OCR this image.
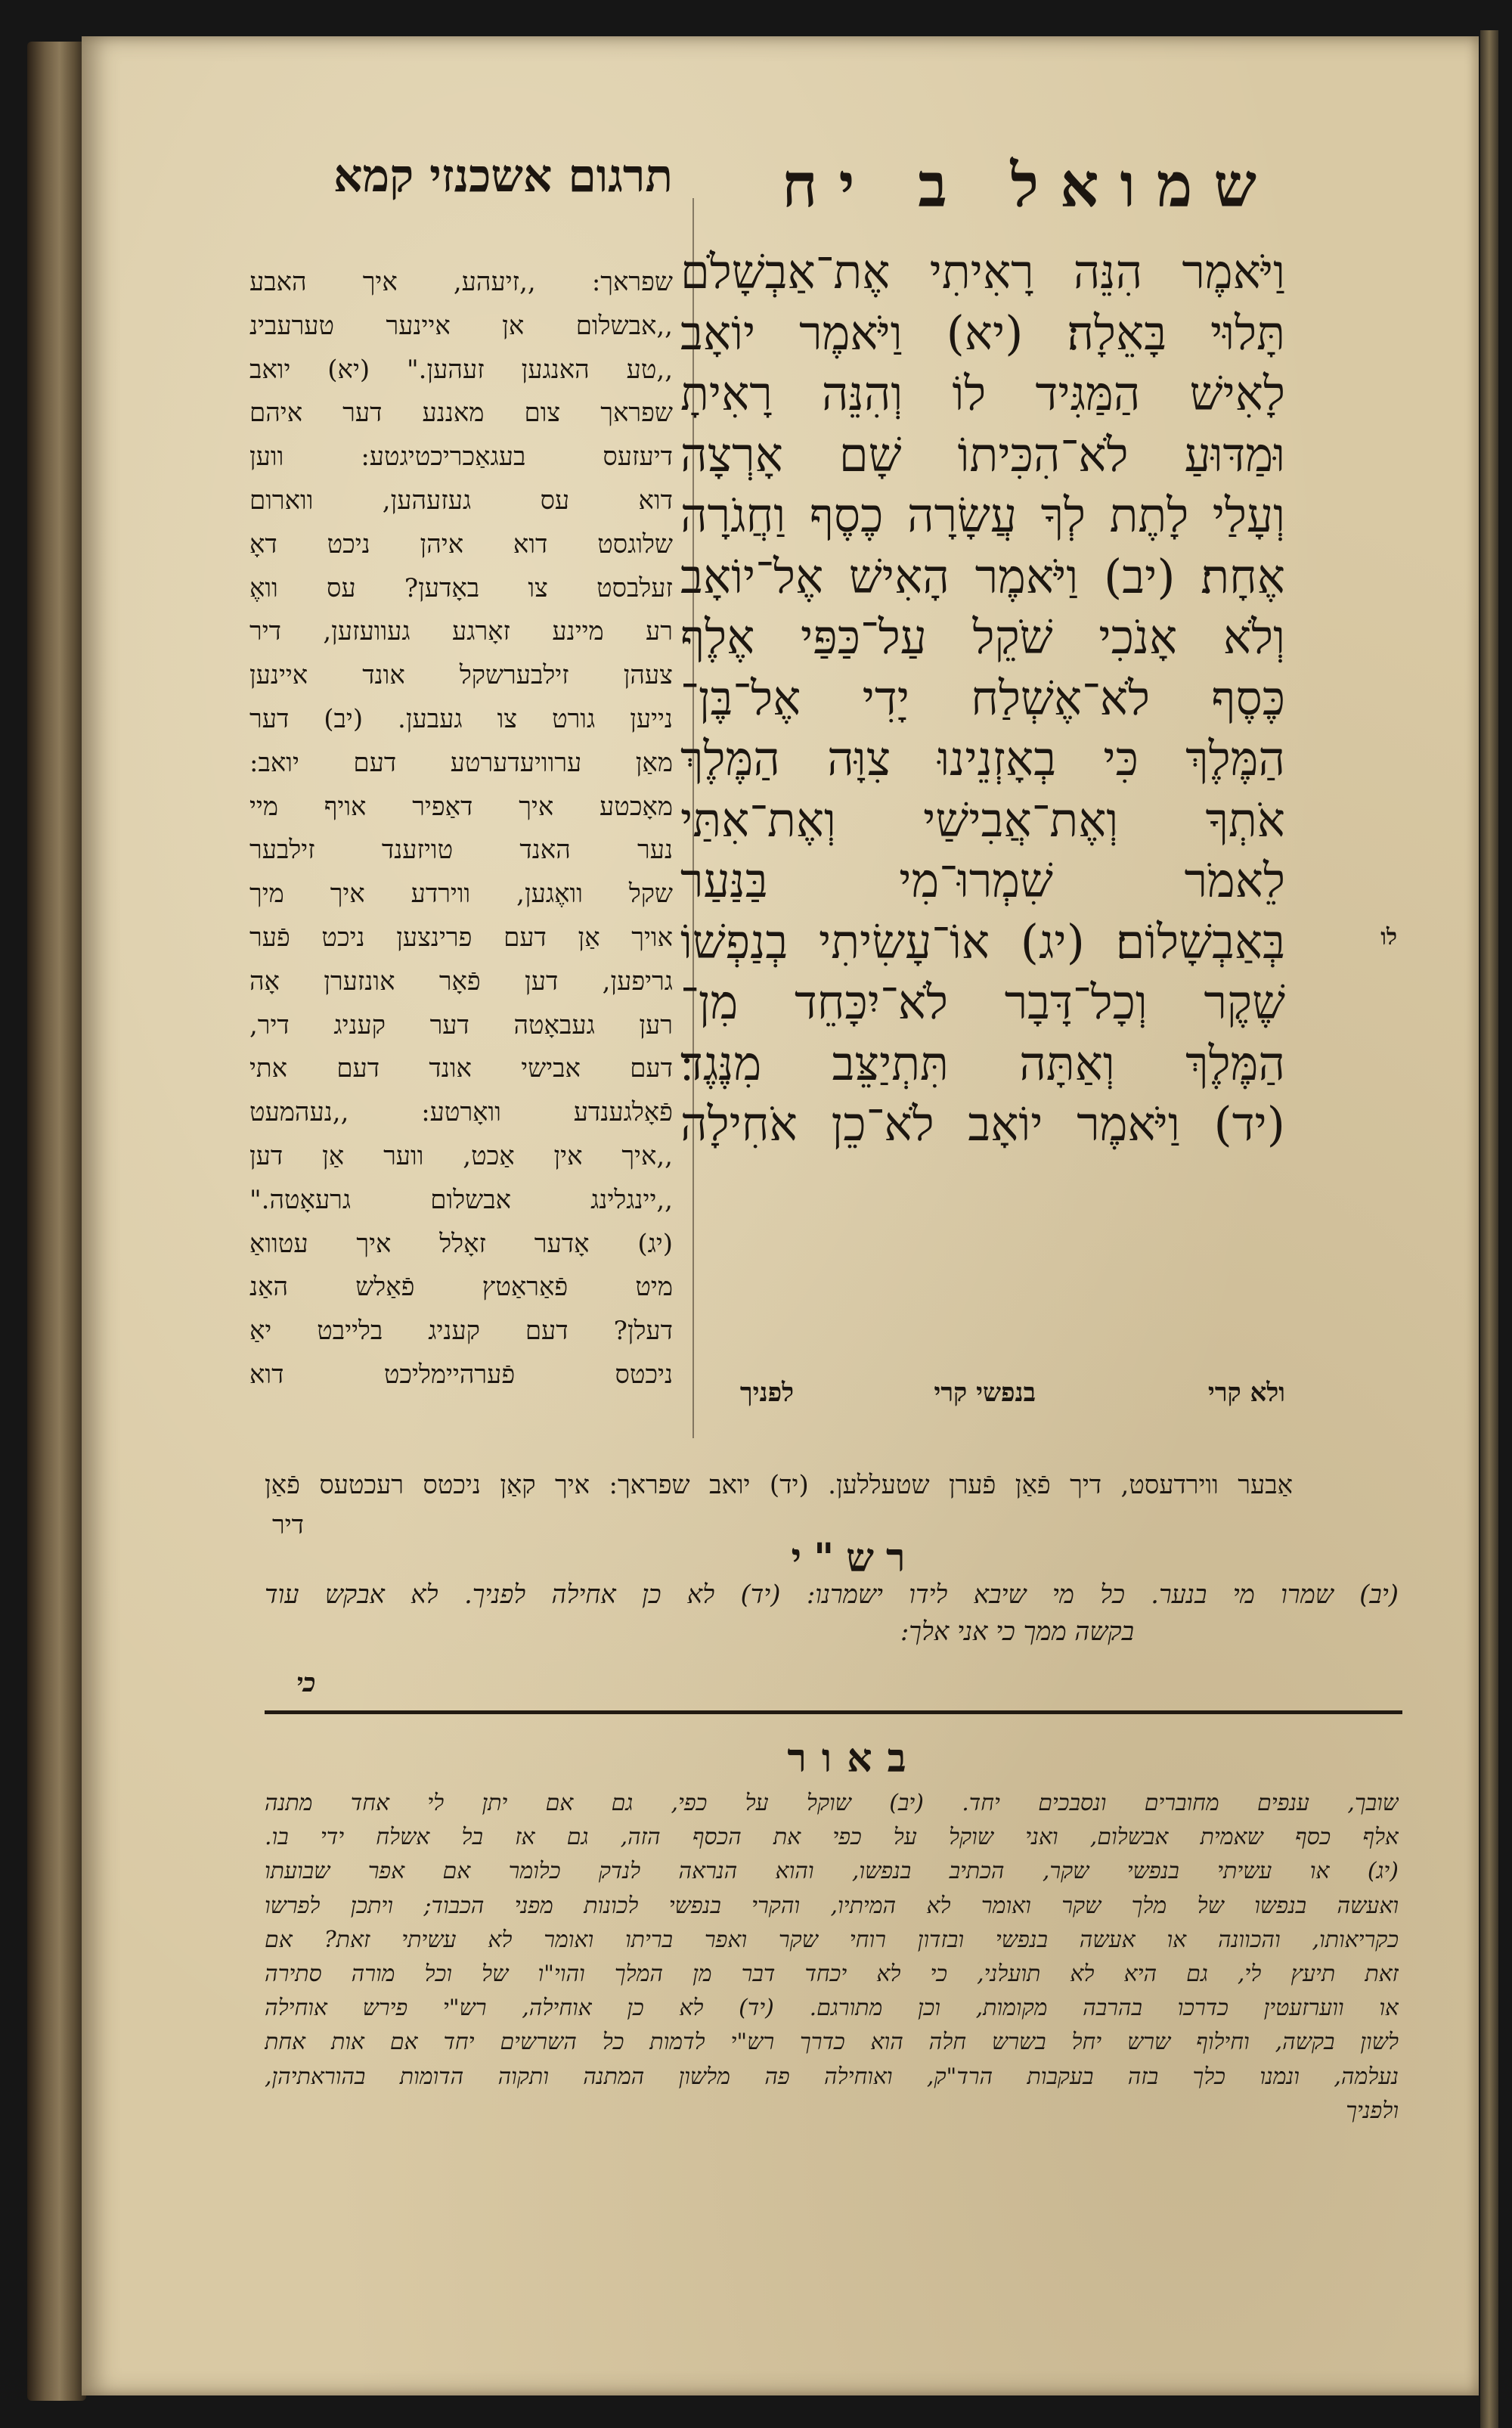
שמואל ב יח
תרגום אשכנזי קמא
וַיֹּאמֶר הִנֵּה רָאִיתִי אֶת־אַבְשָׁלֹם
תָּלוּי בָּאֵלָה׃ (יא) וַיֹּאמֶר יוֹאָב
לָאִישׁ הַמַּגִּיד לוֹ וְהִנֵּה רָאִיתָ
וּמַדּוּעַ לֹא־הִכִּיתוֹ שָׁם אָרְצָה
וְעָלַי לָתֶת לְךָ עֲשָׂרָה כֶסֶף וַחֲגֹרָה
אֶחָת׃ (יב) וַיֹּאמֶר הָאִישׁ אֶל־יוֹאָב
וְלֹא אָנֹכִי שֹׁקֵל עַל־כַּפַּי אֶלֶף
כֶּסֶף לֹא־אֶשְׁלַח יָדִי אֶל־בֶּן־
הַמֶּלֶךְ כִּי בְאָזְנֵינוּ צִוָּה הַמֶּלֶךְ
אֹתְךָ וְאֶת־אֲבִישַׁי וְאֶת־אִתַּי
לֵאמֹר שִׁמְרוּ־מִי בַּנַּעַר
בְּאַבְשָׁלוֹם׃ (יג) אוֹ־עָשִׂיתִי בְנַפְשׁוֹ
שֶׁקֶר וְכָל־דָּבָר לֹא־יִכָּחֵד מִן־
הַמֶּלֶךְ וְאַתָּה תִּתְיַצֵּב מִנֶּגֶד׃
(יד) וַיֹּאמֶר יוֹאָב לֹא־כֵן אֹחִילָה
לו
ולא קרי
בנפשי קרי
לפניך
שפראך: ,,זיעהע, איך האבע
,,אבשלום אן איינער טערעבינ
,,טע האנגען זעהען." (יא) יואב
שפראך צום מאננע דער איהם
דיעזעס בעגאַכריכטיגטע: ווען
דוא עס געזעהען, ווארום
שלוגסט דוא איהן ניכט דאָ
זעלבסט צו באָדען? עס וואֶ
רע מיינע זאָרגע געוועזען, דיר
צעהן זילבערשקל אונד איינען
נייען גורט צו געבען. (יב) דער
מאַן ערוויעדערטע דעם יואב:
מאָכטע איך דאַפיר אויף מיי
נער האנד טויזענד זילבער
שקל וואֶגען, ווירדע איך מיך
אויך אַן דעם פרינצען ניכט פֿער
גריפען, דען פֿאָר אונזערן אָה
רען געבאָטה דער קעניג דיר,
דעם אבישי אונד דעם אתי
פֿאָלגענדע וואָרטע: ,,נעהמעט
,,איך אין אַכט, ווער אַן דען
,,יינגלינג אבשלום גרעאָטה."
(יג) אָדער זאָלל איך עטוואַ
מיט פֿאַראַטץ פֿאַלש האַנ
דעלן? דעם קעניג בלייבט יאַ
ניכטס פֿערהיימליכט דוא
אַבער ווירדעסט, דיך פֿאַן פֿערן שטעללען. (יד) יואב שפראך: איך קאַן ניכטס רעכטעס פֿאַן
דיר
רש"י
(יב) שמרו מי בנער. כל מי שיבא לידו ישמרנו: (יד) לא כן אחילה לפניך. לא אבקש עוד
בקשה ממך כי אני אלך:
כי
באור
שובך, ענפים מחוברים ונסבכים יחד. (יב) שוקל על כפי, גם אם יתן לי אחד מתנה
אלף כסף שאמית אבשלום, ואני שוקל על כפי את הכסף הזה, גם אז בל אשלח ידי בו.
(יג) או עשיתי בנפשי שקר, הכתיב בנפשו, והוא הנראה לנדק כלומר אם אפר שבועתו
ואעשה בנפשו של מלך שקר ואומר לא המיתיו, והקרי בנפשי לכונות מפני הכבוד; ויתכן לפרשו
כקריאותו, והכוונה או אעשה בנפשי ובזדון רוחי שקר ואפר בריתו ואומר לא עשיתי זאת? אם
זאת תיעץ לי, גם היא לא תועלני, כי לא יכחד דבר מן המלך והוי"ו של וכל מורה סתירה
או ווערזעטין כדרכו בהרבה מקומות, וכן מתורגם. (יד) לא כן אוחילה, רש"י פירש אוחילה
לשון בקשה, וחילוף שרש יחל בשרש חלה הוא כדרך רש"י לדמות כל השרשים יחד אם אות אחת
נעלמה, ונמנו כלך בזה בעקבות הרד"ק, ואוחילה פה מלשון המתנה ותקוה הדומות בהוראתיהן,
ולפניך
